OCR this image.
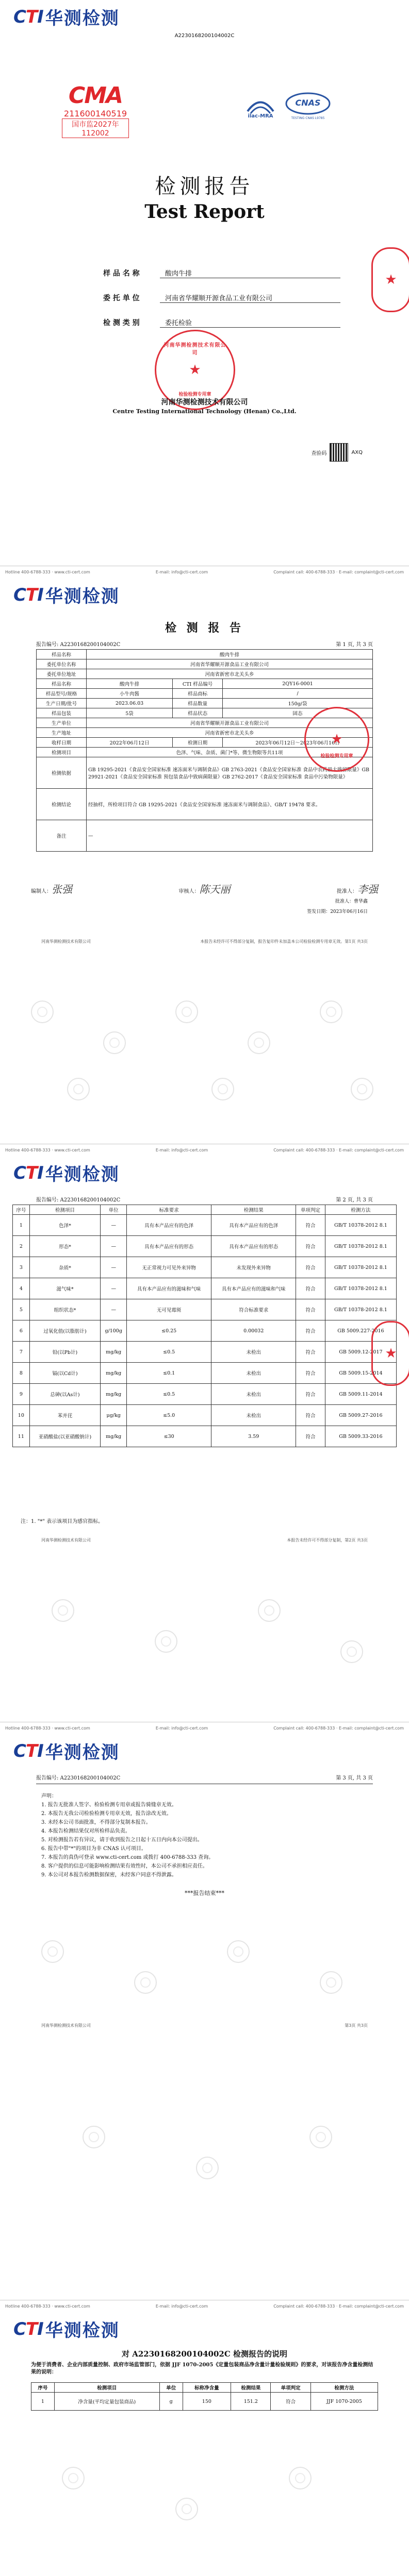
CTI 华测检测
A2230168200104002C
CMA
211600140519
国市监2027年112002
ilac-MRA
CNAS
TESTING CNAS L9785
检测报告
Test Report
样 品 名 称	酸肉牛排
委 托 单 位	河南省华耀顺开源食品工业有限公司
检 测 类 别	委托检验
河南华测检测技术有限公司
★
检验检测专用章
河南华测检测技术有限公司
Centre Testing International Technology (Henan) Co.,Ltd.
查验码	AXQ
★
Hotline 400-6788-333 · www.cti-cert.com	E-mail: info@cti-cert.com	Complaint call: 400-6788-333 · E-mail: complaint@cti-cert.com
CTI 华测检测
检 测 报 告
报告编号: A2230168200104002C	第 1 页, 共 3 页
样品名称	酸肉牛排		
委托单位名称	河南省华耀顺开源食品工业有限公司		
委托单位地址	河南省新密市北关头乡		
样品名称	酸肉牛排	CTI 样品编号	2QY16-0001
样品型号/规格	小牛肉酱	样品商标	/
生产日期/批号	2023.06.03	样品数量	150g/袋
样品包装	5袋	样品状态	固态
生产单位	河南省华耀顺开源食品工业有限公司		
生产地址	河南省新密市北关头乡		
收样日期	2022年06月12日	检测日期	2023年06月12日～2023年06月16日
检测项目	色泽、气味、杂质、菌门*等、微生物限等共11项		
检测依据	GB 19295-2021《食品安全国家标准 速冻面米与调制食品》GB 2763-2021《食品安全国家标准 食品中农药最大残留限量》GB 29921-2021《食品安全国家标准 预包装食品中致病菌限量》GB 2762-2017《食品安全国家标准 食品中污染物限量》		
检测结论	经抽样，所检项目符合 GB 19295-2021《食品安全国家标准 速冻面米与调制食品》、GB/T 19478 要求。		
备注	—		
★
检验检测专用章
编制人：张强	审核人：陈天丽	批准人：李强
批准人：曹华鑫
签发日期：2023年06月16日
河南华测检测技术有限公司	本报告未经许可不得部分复制，报告复印件未加盖本公司检验检测专用章无效。第1页 共3页
Hotline 400-6788-333 · www.cti-cert.com	E-mail: info@cti-cert.com	Complaint call: 400-6788-333 · E-mail: complaint@cti-cert.com
CTI 华测检测
报告编号: A2230168200104002C	第 2 页, 共 3 页
序号	检测项目	单位	标准要求	检测结果	单项判定	检测方法
1	色泽*	—	具有本产品应有的色泽	具有本产品应有的色泽	符合	GB/T 10378-2012 8.1
2	形态*	—	具有本产品应有的形态	具有本产品应有的形态	符合	GB/T 10378-2012 8.1
3	杂质*	—	无正常视力可见外来异物	未发现外来异物	符合	GB/T 10378-2012 8.1
4	滋气味*	—	具有本产品应有的滋味和气味	具有本产品应有的滋味和气味	符合	GB/T 10378-2012 8.1
5	组织状态*	—	无可见霉斑	符合标准要求	符合	GB/T 10378-2012 8.1
6	过氧化值(以脂肪计)	g/100g	≤0.25	0.00032	符合	GB 5009.227-2016
7	铅(以Pb计)	mg/kg	≤0.5	未检出	符合	GB 5009.12-2017
8	镉(以Cd计)	mg/kg	≤0.1	未检出	符合	GB 5009.15-2014
9	总砷(以As计)	mg/kg	≤0.5	未检出	符合	GB 5009.11-2014
10	苯并芘	μg/kg	≤5.0	未检出	符合	GB 5009.27-2016
11	亚硝酸盐(以亚硝酸钠计)	mg/kg	≤30	3.59	符合	GB 5009.33-2016
注：1. "*" 表示该项目为感官指标。
河南华测检测技术有限公司	本报告未经许可不得部分复制，第2页 共3页
★
Hotline 400-6788-333 · www.cti-cert.com	E-mail: info@cti-cert.com	Complaint call: 400-6788-333 · E-mail: complaint@cti-cert.com
CTI 华测检测
报告编号: A2230168200104002C	第 3 页, 共 3 页
声明：
1. 报告无批准人签字、检验检测专用章或报告骑缝章无效。
2. 本报告无我公司检验检测专用章无效，报告涂改无效。
3. 未经本公司书面批准，不得部分复制本报告。
4. 本报告检测结果仅对所检样品负责。
5. 对检测报告若有异议，请于收到报告之日起十五日内向本公司提出。
6. 报告中带"*"的项目为非 CNAS 认可项目。
7. 本报告的真伪可登录 www.cti-cert.com 或拨打 400-6788-333 查询。
8. 客户提供的信息可能影响检测结果有效性时，本公司不承担相应责任。
9. 本公司对本报告检测数据保密，未经客户同意不得泄露。
***报告结束***
河南华测检测技术有限公司	第3页 共3页
Hotline 400-6788-333 · www.cti-cert.com	E-mail: info@cti-cert.com	Complaint call: 400-6788-333 · E-mail: complaint@cti-cert.com
CTI 华测检测
对 A2230168200104002C 检测报告的说明
为便于消费者、企业内部质量控制、政府市场监管部门，依据 JJF 1070-2005《定量包装商品净含量计量检验规则》的要求，对该报告净含量检测结果的说明：
序号	检测项目	单位	标称净含量	检测结果	单项判定	检测方法
1	净含量(平均定量包装商品)	g	150	151.2	符合	JJF 1070-2005
